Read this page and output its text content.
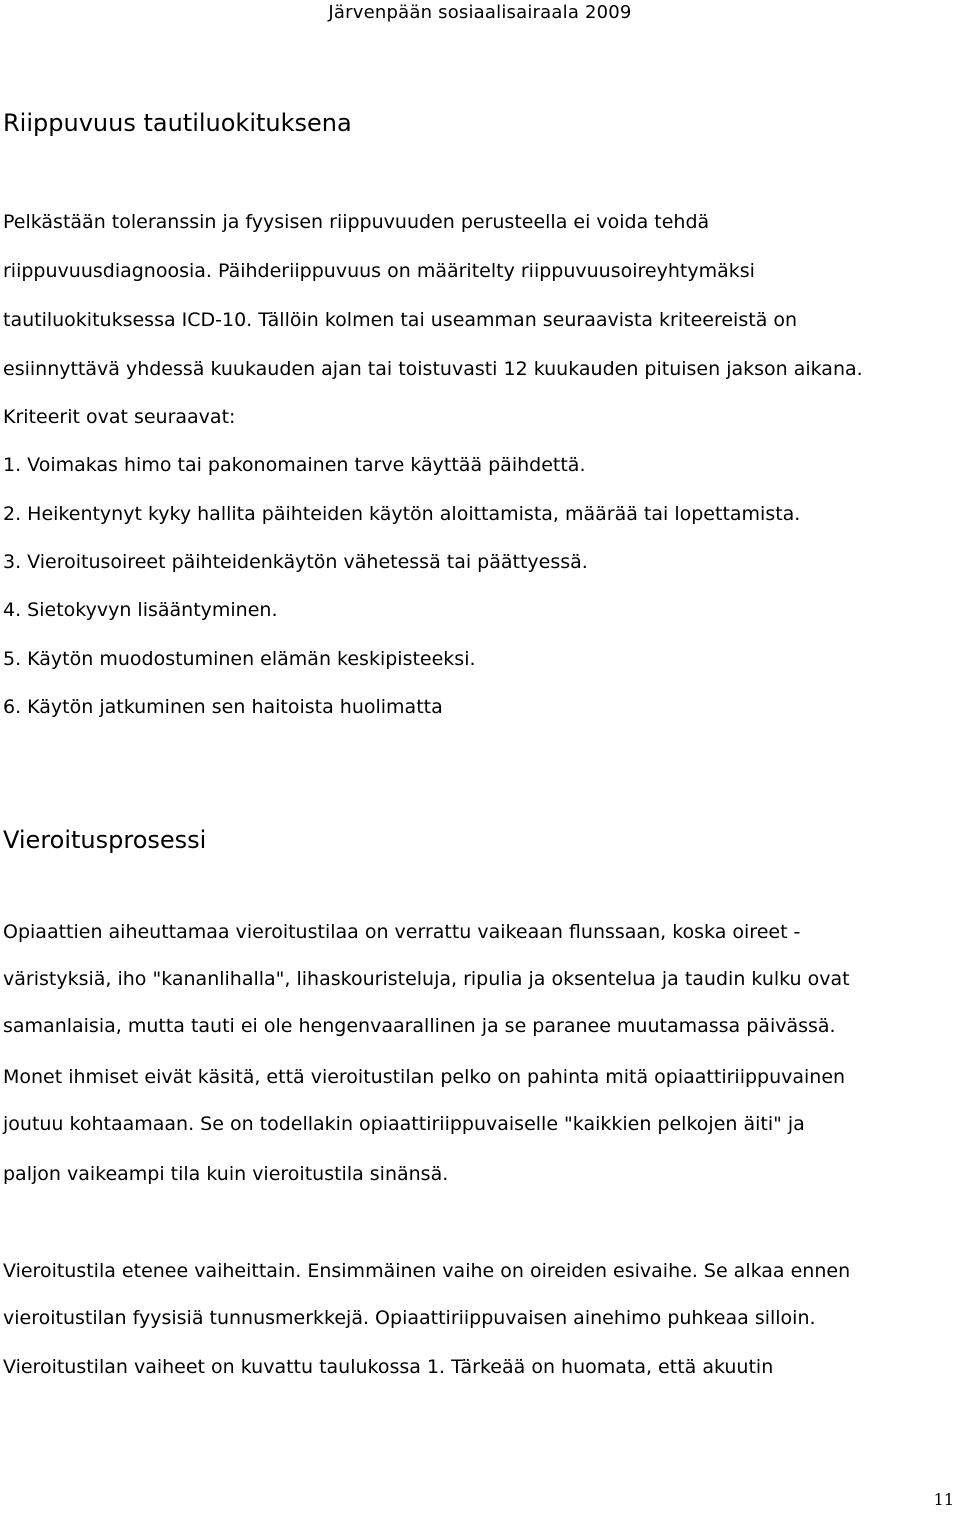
Järvenpään sosiaalisairaala 2009
Riippuvuus tautiluokituksena
Pelkästään toleranssin ja fyysisen riippuvuuden perusteella ei voida tehdä
riippuvuusdiagnoosia. Päihderiippuvuus on määritelty riippuvuusoireyhtymäksi
tautiluokituksessa ICD-10. Tällöin kolmen tai useamman seuraavista kriteereistä on
esiinnyttävä yhdessä kuukauden ajan tai toistuvasti 12 kuukauden pituisen jakson aikana.
Kriteerit ovat seuraavat:
1. Voimakas himo tai pakonomainen tarve käyttää päihdettä.
2. Heikentynyt kyky hallita päihteiden käytön aloittamista, määrää tai lopettamista.
3. Vieroitusoireet päihteidenkäytön vähetessä tai päättyessä.
4. Sietokyvyn lisääntyminen.
5. Käytön muodostuminen elämän keskipisteeksi.
6. Käytön jatkuminen sen haitoista huolimatta
Vieroitusprosessi
Opiaattien aiheuttamaa vieroitustilaa on verrattu vaikeaan flunssaan, koska oireet -
väristyksiä, iho "kananlihalla", lihaskouristeluja, ripulia ja oksentelua ja taudin kulku ovat
samanlaisia, mutta tauti ei ole hengenvaarallinen ja se paranee muutamassa päivässä.
Monet ihmiset eivät käsitä, että vieroitustilan pelko on pahinta mitä opiaattiriippuvainen
joutuu kohtaamaan. Se on todellakin opiaattiriippuvaiselle "kaikkien pelkojen äiti" ja
paljon vaikeampi tila kuin vieroitustila sinänsä.
Vieroitustila etenee vaiheittain. Ensimmäinen vaihe on oireiden esivaihe. Se alkaa ennen
vieroitustilan fyysisiä tunnusmerkkejä. Opiaattiriippuvaisen ainehimo puhkeaa silloin.
Vieroitustilan vaiheet on kuvattu taulukossa 1. Tärkeää on huomata, että akuutin
11
